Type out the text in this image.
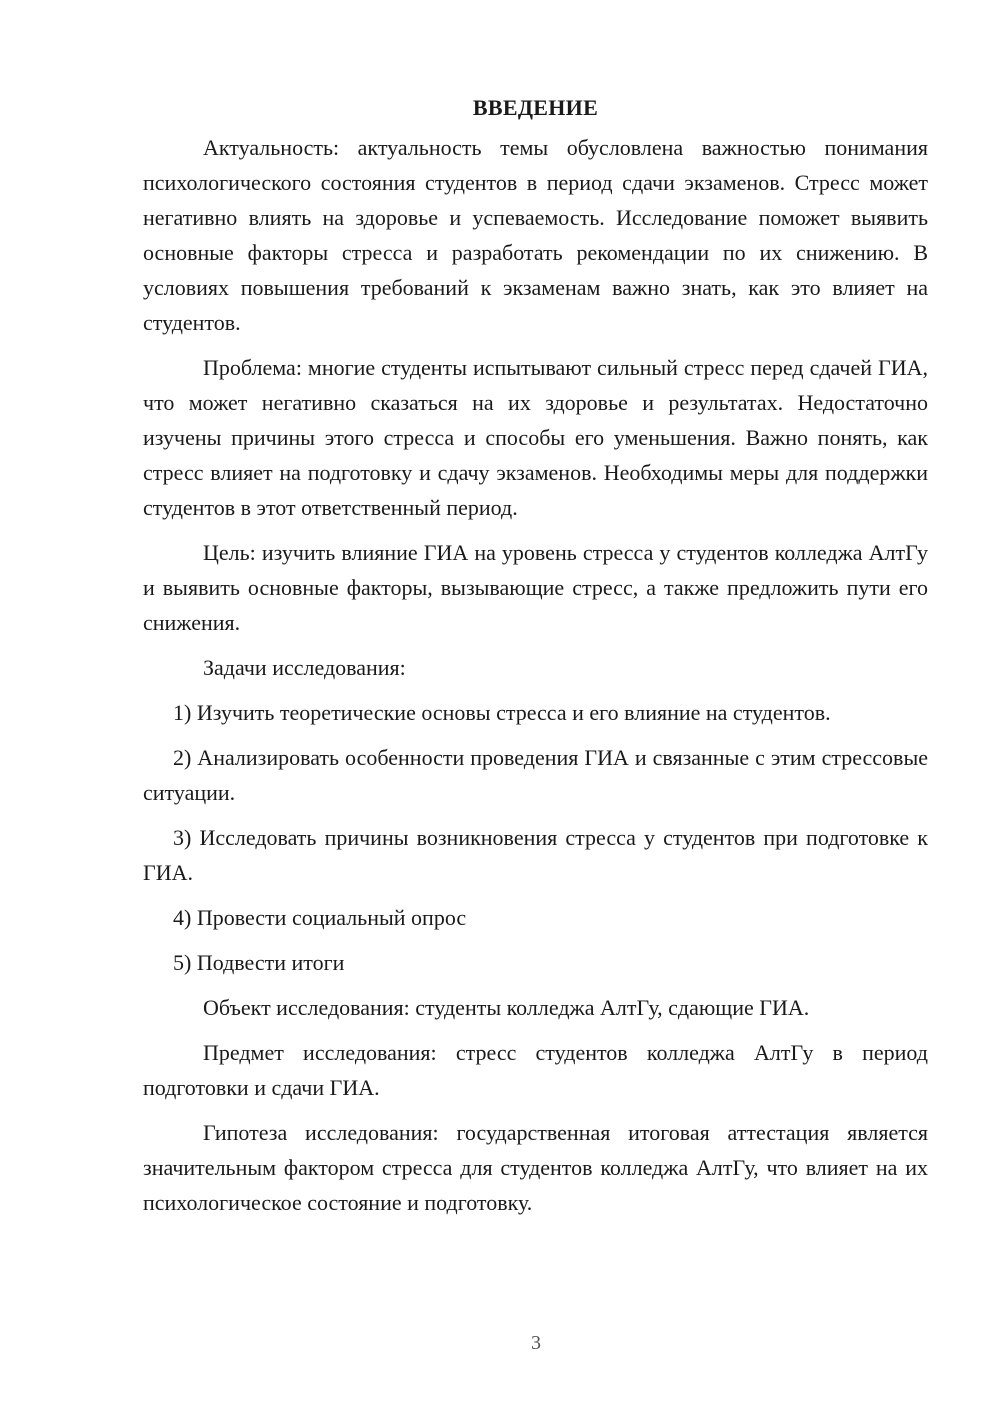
ВВЕДЕНИЕ

Актуальность: актуальность темы обусловлена важностью понимания психологического состояния студентов в период сдачи экзаменов. Стресс может негативно влиять на здоровье и успеваемость. Исследование поможет выявить основные факторы стресса и разработать рекомендации по их снижению. В условиях повышения требований к экзаменам важно знать, как это влияет на студентов.

Проблема: многие студенты испытывают сильный стресс перед сдачей ГИА, что может негативно сказаться на их здоровье и результатах. Недостаточно изучены причины этого стресса и способы его уменьшения. Важно понять, как стресс влияет на подготовку и сдачу экзаменов. Необходимы меры для поддержки студентов в этот ответственный период.

Цель: изучить влияние ГИА на уровень стресса у студентов колледжа АлтГу и выявить основные факторы, вызывающие стресс, а также предложить пути его снижения.

Задачи исследования:

1) Изучить теоретические основы стресса и его влияние на студентов.

2) Анализировать особенности проведения ГИА и связанные с этим стрессовые ситуации.

3) Исследовать причины возникновения стресса у студентов при подготовке к ГИА.

4) Провести социальный опрос

5) Подвести итоги

Объект исследования: студенты колледжа АлтГу, сдающие ГИА.

Предмет исследования: стресс студентов колледжа АлтГу в период подготовки и сдачи ГИА.

Гипотеза исследования: государственная итоговая аттестация является значительным фактором стресса для студентов колледжа АлтГу, что влияет на их психологическое состояние и подготовку.

3
